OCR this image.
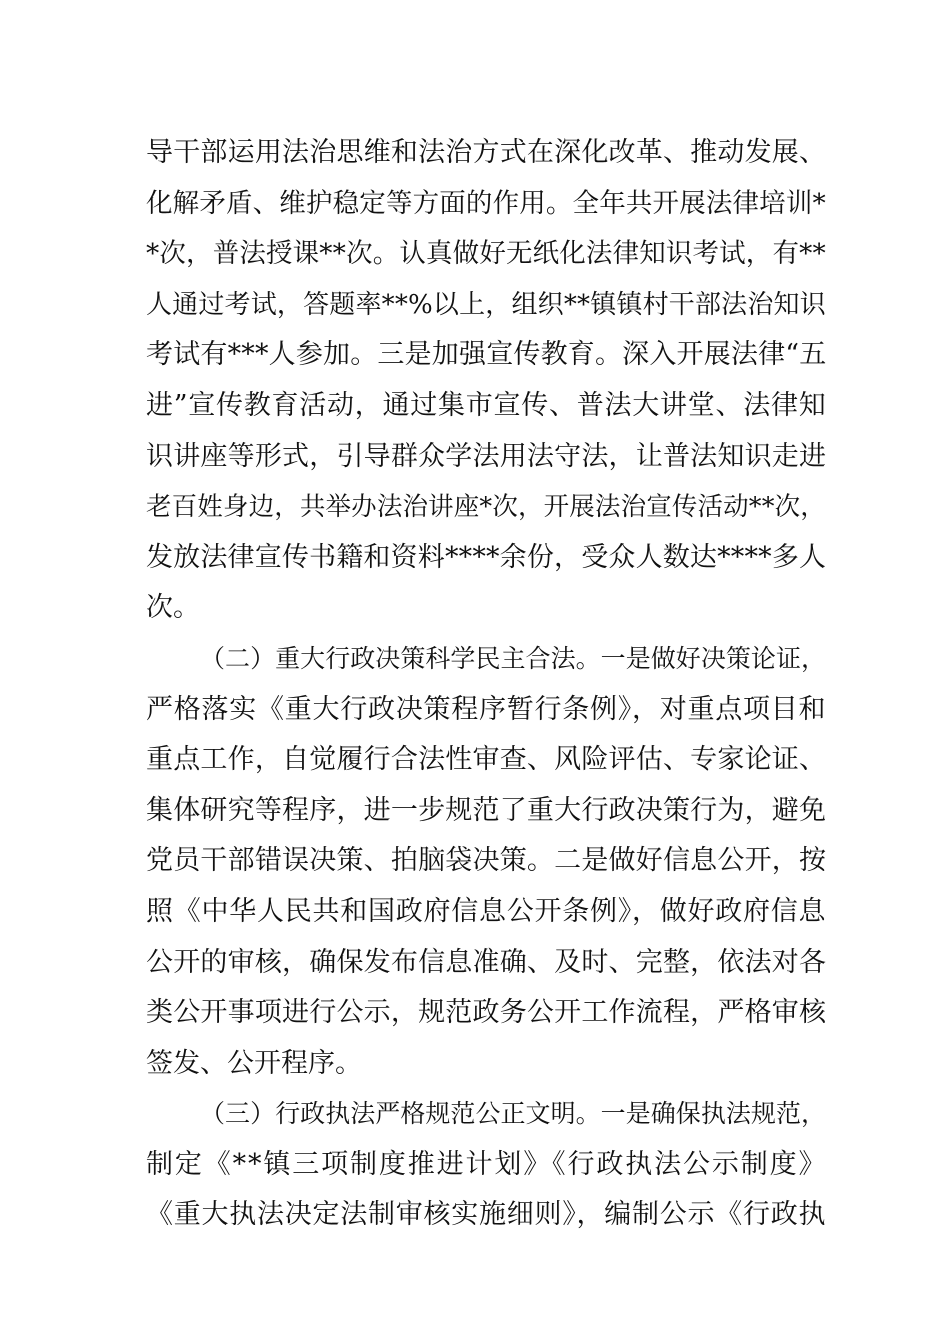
导干部运用法治思维和法治方式在深化改革、推动发展、
化解矛盾、维护稳定等方面的作用。全年共开展法律培训*
*次，普法授课**次。认真做好无纸化法律知识考试，有**
人通过考试，答题率**%以上，组织**镇镇村干部法治知识
考试有***人参加。三是加强宣传教育。深入开展法律“五
进”宣传教育活动，通过集市宣传、普法大讲堂、法律知
识讲座等形式，引导群众学法用法守法，让普法知识走进
老百姓身边，共举办法治讲座*次，开展法治宣传活动**次，
发放法律宣传书籍和资料****余份，受众人数达****多人
次。
（二）重大行政决策科学民主合法。一是做好决策论证，
严格落实《重大行政决策程序暂行条例》，对重点项目和
重点工作，自觉履行合法性审查、风险评估、专家论证、
集体研究等程序，进一步规范了重大行政决策行为，避免
党员干部错误决策、拍脑袋决策。二是做好信息公开，按
照《中华人民共和国政府信息公开条例》，做好政府信息
公开的审核，确保发布信息准确、及时、完整，依法对各
类公开事项进行公示，规范政务公开工作流程，严格审核
签发、公开程序。
（三）行政执法严格规范公正文明。一是确保执法规范，
制定《**镇三项制度推进计划》《行政执法公示制度》
《重大执法决定法制审核实施细则》，编制公示《行政执
